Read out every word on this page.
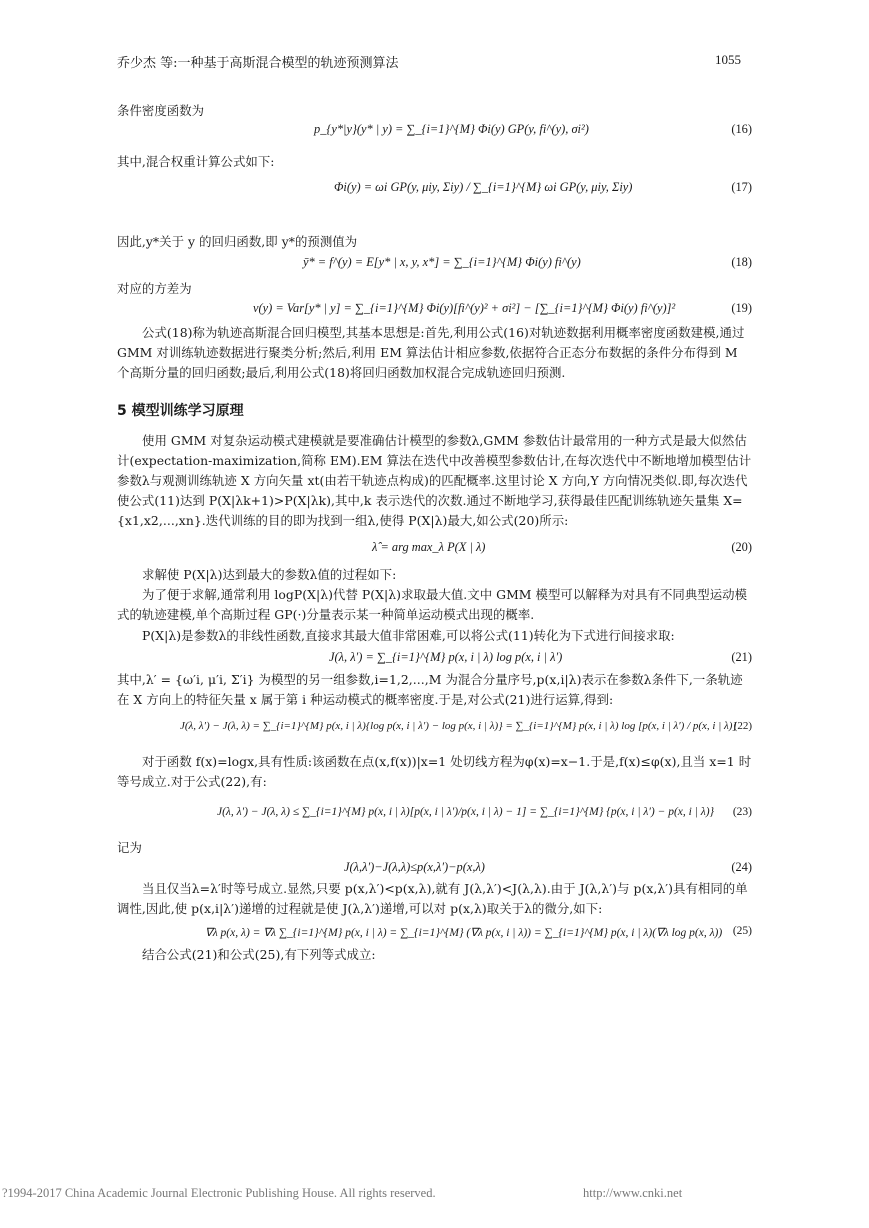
乔少杰 等:一种基于高斯混合模型的轨迹预测算法	1055
条件密度函数为
p_{y*|y}(y* | y) = ∑_{i=1}^{M} Φi(y) GP(y, fi^(y), σi²)	(16)
其中,混合权重计算公式如下:
Φi(y) = ωi GP(y, μiy, Σiy) / ∑_{i=1}^{M} ωi GP(y, μiy, Σiy)	(17)
因此,y*关于 y 的回归函数,即 y*的预测值为
ȳ* = f^(y) = E[y* | x, y, x*] = ∑_{i=1}^{M} Φi(y) fi^(y)	(18)
对应的方差为
v(y) = Var[y* | y] = ∑_{i=1}^{M} Φi(y)[fi^(y)² + σi²] − [∑_{i=1}^{M} Φi(y) fi^(y)]²	(19)
公式(18)称为轨迹高斯混合回归模型,其基本思想是:首先,利用公式(16)对轨迹数据利用概率密度函数建模,通过 GMM 对训练轨迹数据进行聚类分析;然后,利用 EM 算法估计相应参数,依据符合正态分布数据的条件分布得到 M 个高斯分量的回归函数;最后,利用公式(18)将回归函数加权混合完成轨迹回归预测.
5 模型训练学习原理
使用 GMM 对复杂运动模式建模就是要准确估计模型的参数λ,GMM 参数估计最常用的一种方式是最大似然估计(expectation-maximization,简称 EM).EM 算法在迭代中改善模型参数估计,在每次迭代中不断地增加模型估计参数λ与观测训练轨迹 X 方向矢量 xt(由若干轨迹点构成)的匹配概率.这里讨论 X 方向,Y 方向情况类似.即,每次迭代使公式(11)达到 P(X|λk+1)>P(X|λk),其中,k 表示迭代的次数.通过不断地学习,获得最佳匹配训练轨迹矢量集 X={x1,x2,...,xn}.迭代训练的目的即为找到一组λ,使得 P(X|λ)最大,如公式(20)所示:
λ̂ = arg max_λ P(X | λ)	(20)
求解使 P(X|λ)达到最大的参数λ值的过程如下:
为了便于求解,通常利用 logP(X|λ)代替 P(X|λ)求取最大值.文中 GMM 模型可以解释为对具有不同典型运动模式的轨迹建模,单个高斯过程 GP(·)分量表示某一种简单运动模式出现的概率.
P(X|λ)是参数λ的非线性函数,直接求其最大值非常困难,可以将公式(11)转化为下式进行间接求取:
J(λ, λ′) = ∑_{i=1}^{M} p(x, i | λ) log p(x, i | λ′)	(21)
其中,λ′ = {ω′i, μ′i, Σ′i} 为模型的另一组参数,i=1,2,...,M 为混合分量序号,p(x,i|λ)表示在参数λ条件下,一条轨迹在 X 方向上的特征矢量 x 属于第 i 种运动模式的概率密度.于是,对公式(21)进行运算,得到:
J(λ, λ′) − J(λ, λ) = ∑_{i=1}^{M} p(x, i | λ){log p(x, i | λ′) − log p(x, i | λ)} = ∑_{i=1}^{M} p(x, i | λ) log [p(x, i | λ′) / p(x, i | λ)]
(22)
对于函数 f(x)=logx,具有性质:该函数在点(x,f(x))|x=1 处切线方程为φ(x)=x−1.于是,f(x)≤φ(x),且当 x=1 时等号成立.对于公式(22),有:
J(λ, λ′) − J(λ, λ) ≤ ∑_{i=1}^{M} p(x, i | λ)[p(x, i | λ′)/p(x, i | λ) − 1] = ∑_{i=1}^{M} {p(x, i | λ′) − p(x, i | λ)} (23)
记为
J(λ,λ′)−J(λ,λ)≤p(x,λ′)−p(x,λ)	(24)
当且仅当λ=λ′时等号成立.显然,只要 p(x,λ′)<p(x,λ),就有 J(λ,λ′)<J(λ,λ).由于 J(λ,λ′)与 p(x,λ′)具有相同的单调性,因此,使 p(x,i|λ′)递增的过程就是使 J(λ,λ′)递增,可以对 p(x,λ)取关于λ的微分,如下:
∇λ p(x, λ) = ∇λ ∑_{i=1}^{M} p(x, i | λ) = ∑_{i=1}^{M} (∇λ p(x, i | λ)) = ∑_{i=1}^{M} p(x, i | λ)(∇λ log p(x, λ)) (25)
结合公式(21)和公式(25),有下列等式成立:
?1994-2017 China Academic Journal Electronic Publishing House. All rights reserved.	http://www.cnki.net
